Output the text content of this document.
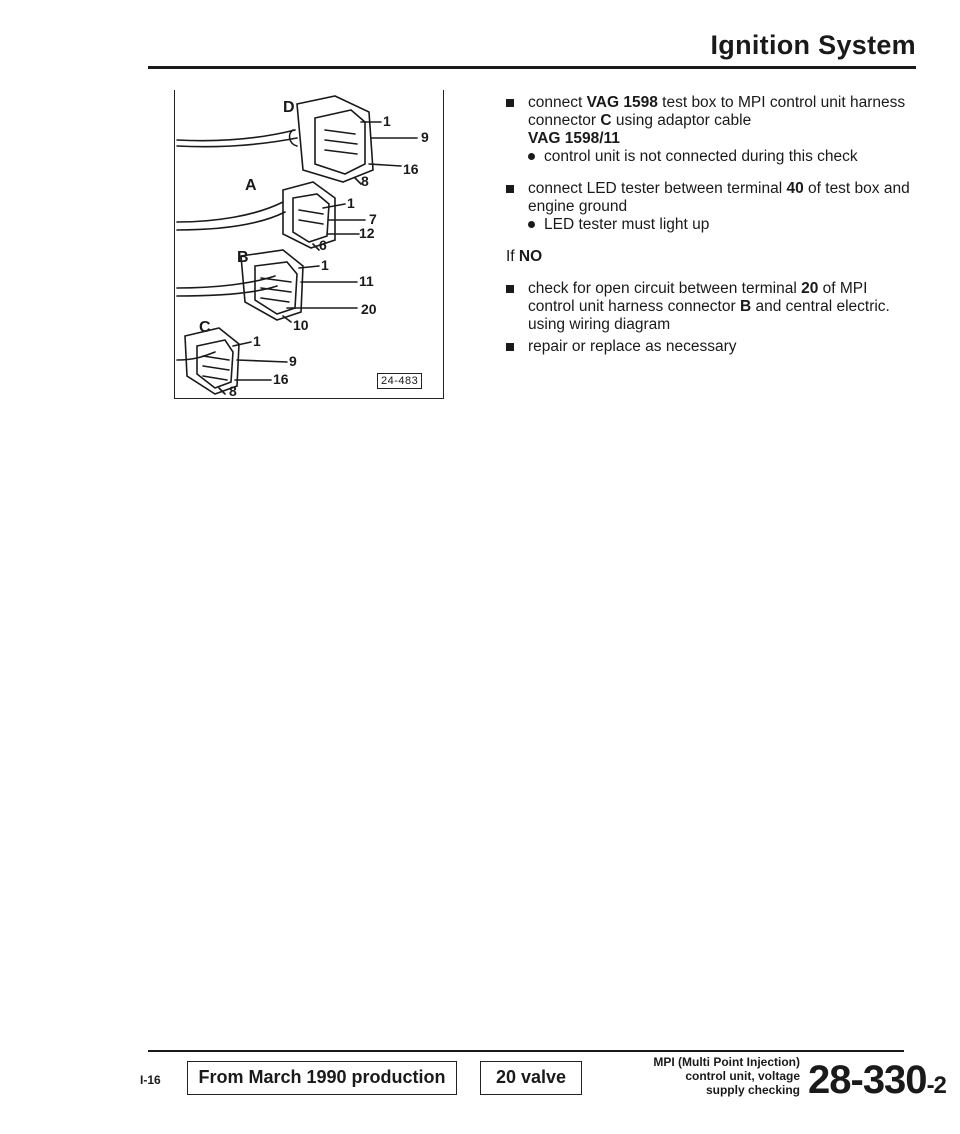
Ignition System
D
1
9
16
8
A
1
7
12
6
B	1
11
20
10
C
1
9
16
8
24-483
connect VAG 1598 test box to MPI control unit harness connector C using adaptor cable
VAG 1598/11
control unit is not connected during this check
connect LED tester between terminal 40 of test box and engine ground
LED tester must light up
If NO
check for open circuit between terminal 20 of MPI control unit harness connector B and central electric. using wiring diagram
repair or replace as necessary
I-16	From March 1990 production	20 valve
MPI (Multi Point Injection)
control unit, voltage
supply checking 28-330-2
